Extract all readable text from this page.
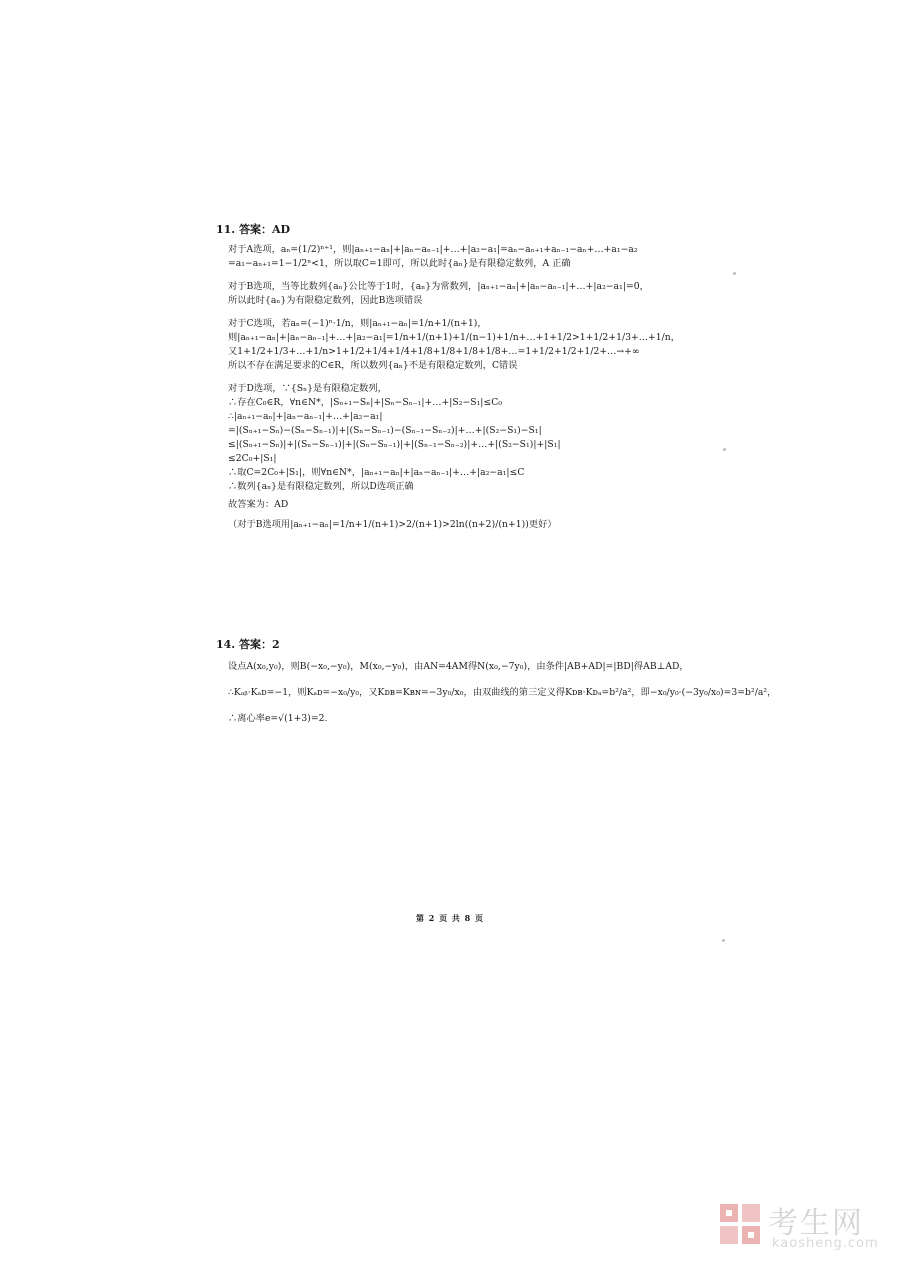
11. 答案：AD
对于A选项，aₙ=(1/2)ⁿ⁺¹，则|aₙ₊₁−aₙ|+|aₙ−aₙ₋₁|+…+|a₂−a₁|=aₙ−aₙ₊₁+aₙ₋₁−aₙ+…+a₁−a₂
=a₁−aₙ₊₁=1−1/2ⁿ<1，所以取C=1即可，所以此时{aₙ}是有限稳定数列，A 正确
对于B选项，当等比数列{aₙ}公比等于1时，{aₙ}为常数列，|aₙ₊₁−aₙ|+|aₙ−aₙ₋₁|+…+|a₂−a₁|=0，
所以此时{aₙ}为有限稳定数列，因此B选项错误
对于C选项，若aₙ=(−1)ⁿ·1/n，则|aₙ₊₁−aₙ|=1/n+1/(n+1)，
则|aₙ₊₁−aₙ|+|aₙ−aₙ₋₁|+…+|a₂−a₁|=1/n+1/(n+1)+1/(n−1)+1/n+…+1+1/2>1+1/2+1/3+…+1/n，
又1+1/2+1/3+…+1/n>1+1/2+1/4+1/4+1/8+1/8+1/8+1/8+…=1+1/2+1/2+1/2+…→+∞
所以不存在满足要求的C∈R，所以数列{aₙ}不是有限稳定数列，C错误
对于D选项，∵{Sₙ}是有限稳定数列，
∴存在C₀∈R，∀n∈N*，|Sₙ₊₁−Sₙ|+|Sₙ−Sₙ₋₁|+…+|S₂−S₁|≤C₀
∴|aₙ₊₁−aₙ|+|aₙ−aₙ₋₁|+…+|a₂−a₁|
=|(Sₙ₊₁−Sₙ)−(Sₙ−Sₙ₋₁)|+|(Sₙ−Sₙ₋₁)−(Sₙ₋₁−Sₙ₋₂)|+…+|(S₂−S₁)−S₁|
≤|(Sₙ₊₁−Sₙ)|+|(Sₙ−Sₙ₋₁)|+|(Sₙ−Sₙ₋₁)|+|(Sₙ₋₁−Sₙ₋₂)|+…+|(S₂−S₁)|+|S₁|
≤2C₀+|S₁|
∴取C=2C₀+|S₁|，则∀n∈N*，|aₙ₊₁−aₙ|+|aₙ−aₙ₋₁|+…+|a₂−a₁|≤C
∴数列{aₙ}是有限稳定数列，所以D选项正确
故答案为：AD
（对于B选项用|aₙ₊₁−aₙ|=1/n+1/(n+1)>2/(n+1)>2ln((n+2)/(n+1))更好）
14. 答案：2
设点A(x₀,y₀)，则B(−x₀,−y₀)，M(x₀,−y₀)，由AN=4AM得N(x₀,−7y₀)，由条件|AB+AD|=|BD|得AB⊥AD，
∴Kₐᵦ·Kₐᴅ=−1，则Kₐᴅ=−x₀/y₀，又Kᴅʙ=Kʙɴ=−3y₀/x₀，由双曲线的第三定义得Kᴅʙ·Kᴅₐ=b²/a²，即−x₀/y₀·(−3y₀/x₀)=3=b²/a²，
∴离心率e=√(1+3)=2.
第 2 页 共 8 页
考生网
kaosheng.com
